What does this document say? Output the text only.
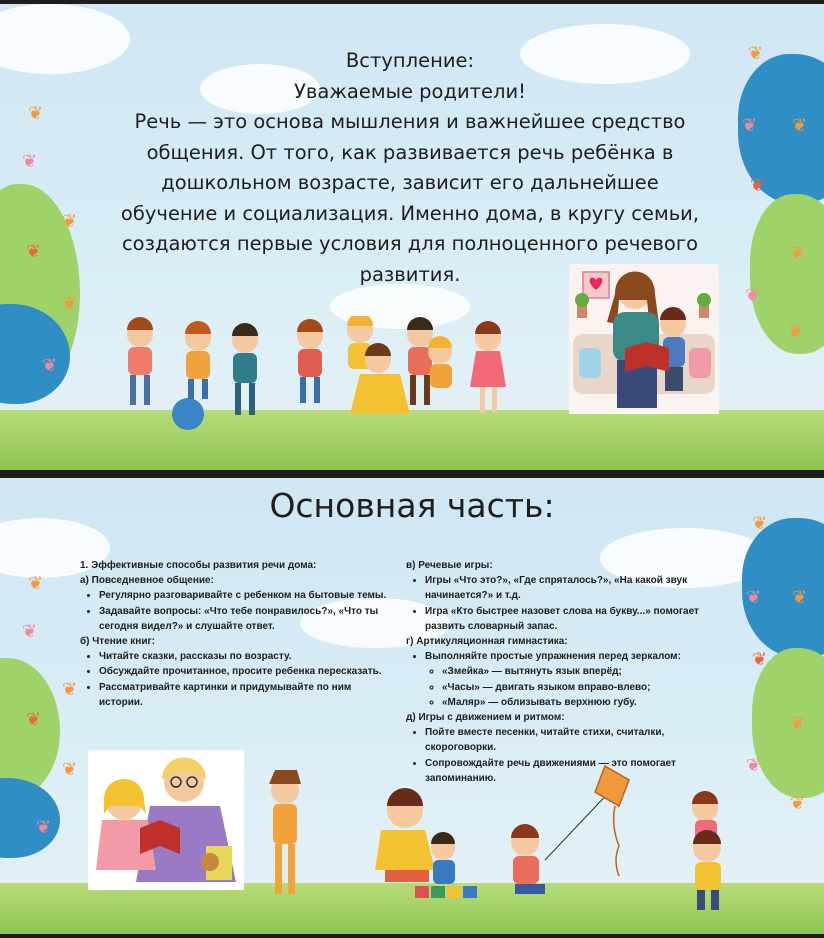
❦
❦
❦
❦
❦
❦
❦
❦ ❦
❦
❦
❦
❦
Вступление:
Уважаемые родители!
Речь — это основа мышления и важнейшее средство общения. От того, как развивается речь ребёнка в дошкольном возрасте, зависит его дальнейшее обучение и социализация. Именно дома, в кругу семьи, создаются первые условия для полноценного речевого развития.
❦
❦
❦
❦
❦
❦
❦
❦ ❦
❦
❦
❦
❦
Основная часть:

1. Эффективные способы развития речи дома:

а) Повседневное общение:

• Регулярно разговаривайте с ребенком на бытовые темы.
• Задавайте вопросы: «Что тебе понравилось?», «Что ты сегодня видел?» и слушайте ответ.

б) Чтение книг:

• Читайте сказки, рассказы по возрасту.
• Обсуждайте прочитанное, просите ребенка пересказать.
• Рассматривайте картинки и придумывайте по ним истории.

в) Речевые игры:

• Игры «Что это?», «Где спряталось?», «На какой звук начинается?» и т.д.
• Игра «Кто быстрее назовет слова на букву...» помогает развить словарный запас.

г) Артикуляционная гимнастика:

• Выполняйте простые упражнения перед зеркалом:
◦ «Змейка» — вытянуть язык вперёд;
◦ «Часы» — двигать языком вправо-влево;
◦ «Маляр» — облизывать верхнюю губу.

д) Игры с движением и ритмом:

• Пойте вместе песенки, читайте стихи, считалки, скороговорки.
• Сопровождайте речь движениями — это помогает запоминанию.
